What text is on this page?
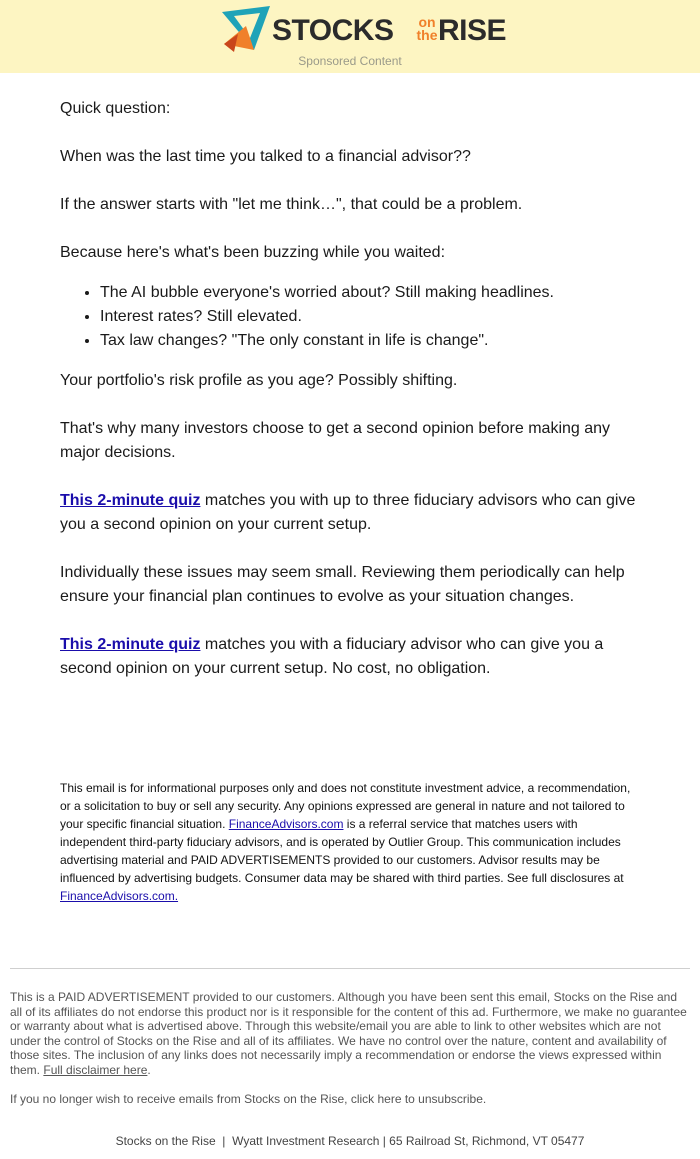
STOCKS on the RISE
Sponsored Content

Quick question:

When was the last time you talked to a financial advisor??

If the answer starts with "let me think…", that could be a problem.

Because here's what's been buzzing while you waited:

• The AI bubble everyone's worried about? Still making headlines.
• Interest rates? Still elevated.
• Tax law changes? "The only constant in life is change".

Your portfolio's risk profile as you age? Possibly shifting.

That's why many investors choose to get a second opinion before making any major decisions.

This 2-minute quiz matches you with up to three fiduciary advisors who can give you a second opinion on your current setup.

Individually these issues may seem small. Reviewing them periodically can help ensure your financial plan continues to evolve as your situation changes.

This 2-minute quiz matches you with a fiduciary advisor who can give you a second opinion on your current setup. No cost, no obligation.

This email is for informational purposes only and does not constitute investment advice, a recommendation, or a solicitation to buy or sell any security. Any opinions expressed are general in nature and not tailored to your specific financial situation. FinanceAdvisors.com is a referral service that matches users with independent third-party fiduciary advisors, and is operated by Outlier Group. This communication includes advertising material and PAID ADVERTISEMENTS provided to our customers. Advisor results may be influenced by advertising budgets. Consumer data may be shared with third parties. See full disclosures at FinanceAdvisors.com.
This is a PAID ADVERTISEMENT provided to our customers. Although you have been sent this email, Stocks on the Rise and all of its affiliates do not endorse this product nor is it responsible for the content of this ad. Furthermore, we make no guarantee or warranty about what is advertised above. Through this website/email you are able to link to other websites which are not under the control of Stocks on the Rise and all of its affiliates. We have no control over the nature, content and availability of those sites. The inclusion of any links does not necessarily imply a recommendation or endorse the views expressed within them. Full disclaimer here.
If you no longer wish to receive emails from Stocks on the Rise, click here to unsubscribe.
Stocks on the Rise  |  Wyatt Investment Research | 65 Railroad St, Richmond, VT 05477
